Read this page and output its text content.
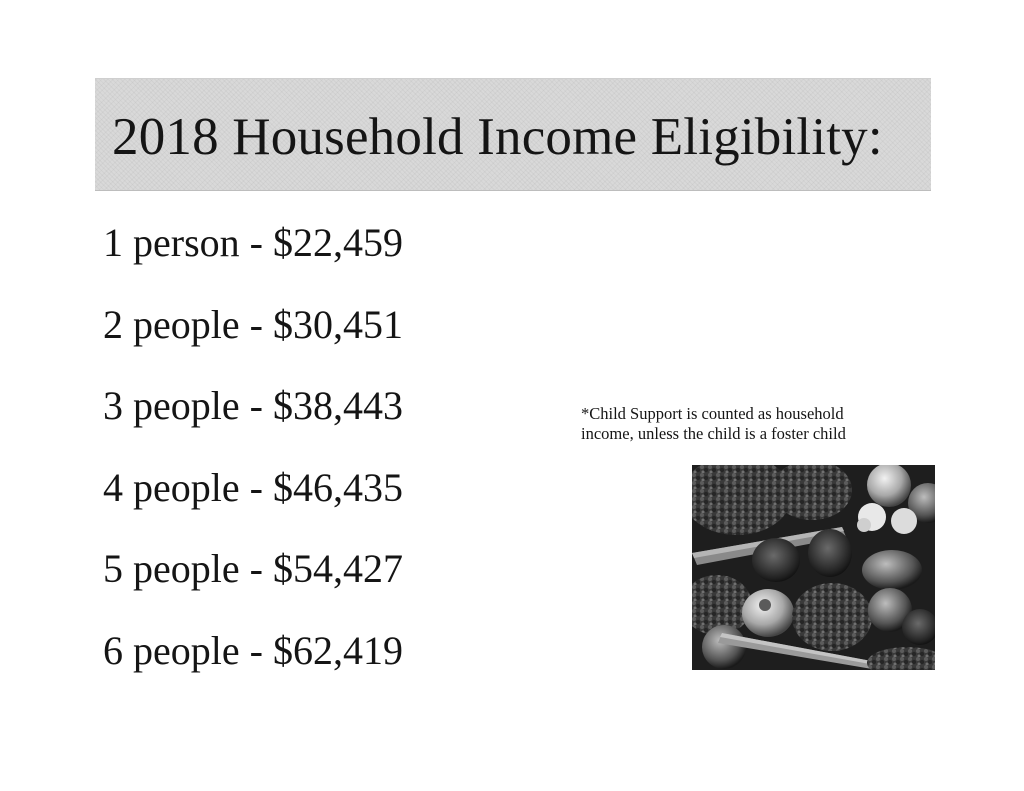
2018 Household Income Eligibility:
1 person - $22,459
2 people - $30,451
3 people - $38,443
4 people - $46,435
5 people - $54,427
6 people - $62,419
*Child Support is counted as household
income, unless the child is a foster child
